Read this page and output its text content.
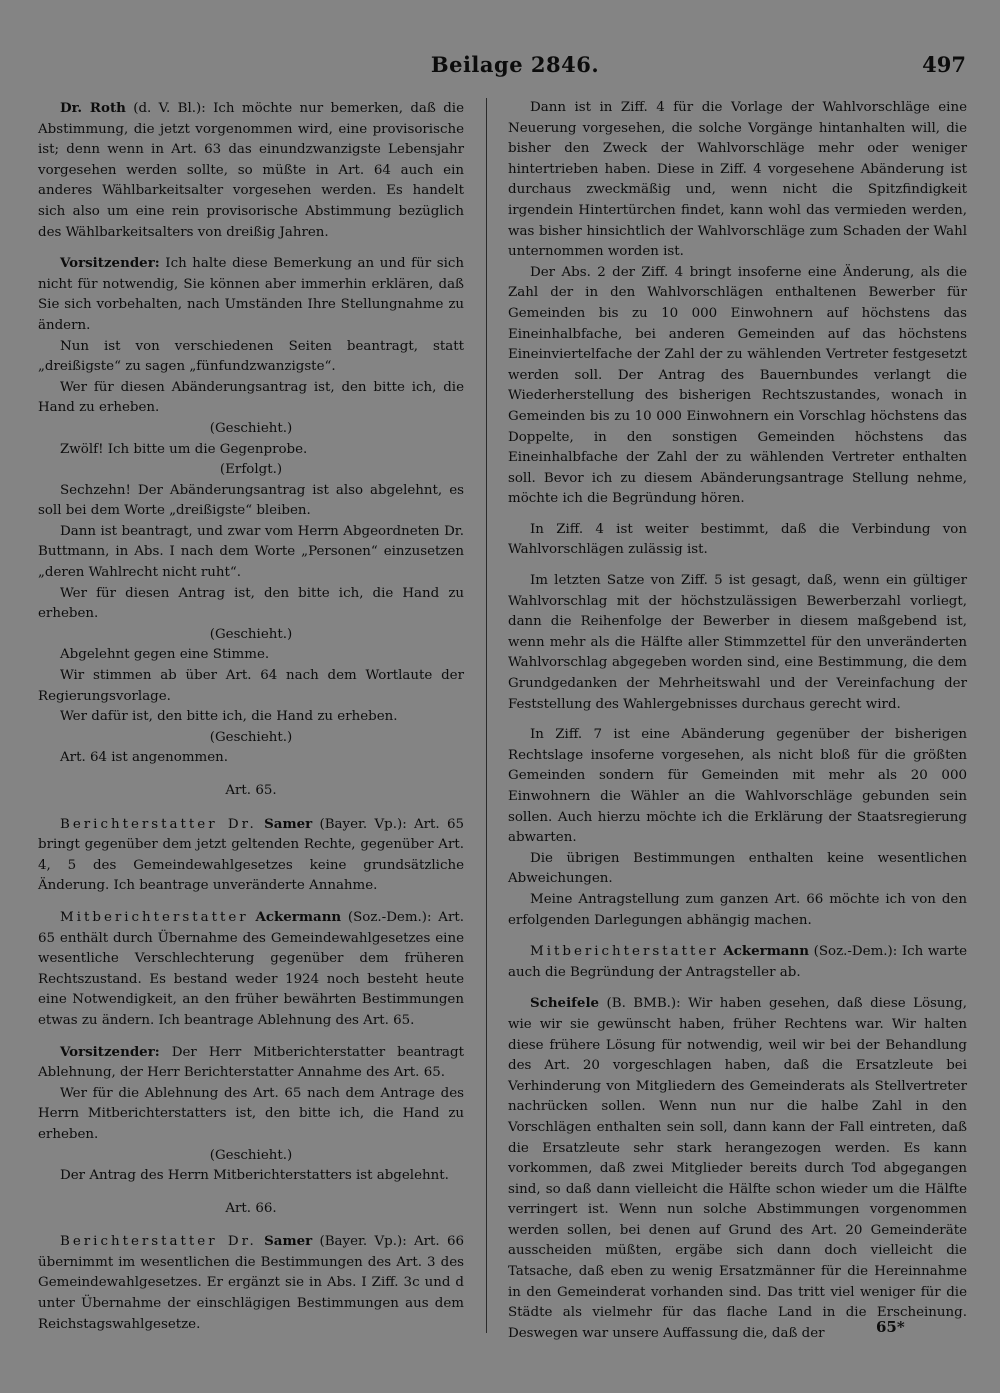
Beilage 2846.	497

Dr. Roth (d. V. Bl.): Ich möchte nur bemerken, daß die Abstimmung, die jetzt vorgenommen wird, eine provisorische ist; denn wenn in Art. 63 das einundzwanzigste Lebensjahr vorgesehen werden sollte, so müßte in Art. 64 auch ein anderes Wählbarkeitsalter vorgesehen werden. Es handelt sich also um eine rein provisorische Abstimmung bezüglich des Wählbarkeitsalters von dreißig Jahren.

Vorsitzender: Ich halte diese Bemerkung an und für sich nicht für notwendig, Sie können aber immerhin erklären, daß Sie sich vorbehalten, nach Umständen Ihre Stellungnahme zu ändern.

Nun ist von verschiedenen Seiten beantragt, statt „dreißigste“ zu sagen „fünfundzwanzigste“.

Wer für diesen Abänderungsantrag ist, den bitte ich, die Hand zu erheben.

(Geschieht.)

Zwölf! Ich bitte um die Gegenprobe.

(Erfolgt.)

Sechzehn! Der Abänderungsantrag ist also abgelehnt, es soll bei dem Worte „dreißigste“ bleiben.

Dann ist beantragt, und zwar vom Herrn Abgeordneten Dr. Buttmann, in Abs. I nach dem Worte „Personen“ einzusetzen „deren Wahlrecht nicht ruht“.

Wer für diesen Antrag ist, den bitte ich, die Hand zu erheben.

(Geschieht.)

Abgelehnt gegen eine Stimme.

Wir stimmen ab über Art. 64 nach dem Wortlaute der Regierungsvorlage.

Wer dafür ist, den bitte ich, die Hand zu erheben.

(Geschieht.)

Art. 64 ist angenommen.

Art. 65.

Berichterstatter Dr. Samer (Bayer. Vp.): Art. 65 bringt gegenüber dem jetzt geltenden Rechte, gegenüber Art. 4, 5 des Gemeindewahlgesetzes keine grundsätzliche Änderung. Ich beantrage unveränderte Annahme.

Mitberichterstatter Ackermann (Soz.-Dem.): Art. 65 enthält durch Übernahme des Gemeindewahlgesetzes eine wesentliche Verschlechterung gegenüber dem früheren Rechtszustand. Es bestand weder 1924 noch besteht heute eine Notwendigkeit, an den früher bewährten Bestimmungen etwas zu ändern. Ich beantrage Ablehnung des Art. 65.

Vorsitzender: Der Herr Mitberichterstatter beantragt Ablehnung, der Herr Berichterstatter Annahme des Art. 65.

Wer für die Ablehnung des Art. 65 nach dem Antrage des Herrn Mitberichterstatters ist, den bitte ich, die Hand zu erheben.

(Geschieht.)

Der Antrag des Herrn Mitberichterstatters ist abgelehnt.

Art. 66.

Berichterstatter Dr. Samer (Bayer. Vp.): Art. 66 übernimmt im wesentlichen die Bestimmungen des Art. 3 des Gemeindewahlgesetzes. Er ergänzt sie in Abs. I Ziff. 3c und d unter Übernahme der einschlägigen Bestimmungen aus dem Reichstagswahlgesetze.

Dann ist in Ziff. 4 für die Vorlage der Wahlvorschläge eine Neuerung vorgesehen, die solche Vorgänge hintanhalten will, die bisher den Zweck der Wahlvorschläge mehr oder weniger hintertrieben haben. Diese in Ziff. 4 vorgesehene Abänderung ist durchaus zweckmäßig und, wenn nicht die Spitzfindigkeit irgendein Hintertürchen findet, kann wohl das vermieden werden, was bisher hinsichtlich der Wahlvorschläge zum Schaden der Wahl unternommen worden ist.

Der Abs. 2 der Ziff. 4 bringt insoferne eine Änderung, als die Zahl der in den Wahlvorschlägen enthaltenen Bewerber für Gemeinden bis zu 10 000 Einwohnern auf höchstens das Eineinhalbfache, bei anderen Gemeinden auf das höchstens Eineinviertelfache der Zahl der zu wählenden Vertreter festgesetzt werden soll. Der Antrag des Bauernbundes verlangt die Wiederherstellung des bisherigen Rechtszustandes, wonach in Gemeinden bis zu 10 000 Einwohnern ein Vorschlag höchstens das Doppelte, in den sonstigen Gemeinden höchstens das Eineinhalbfache der Zahl der zu wählenden Vertreter enthalten soll. Bevor ich zu diesem Abänderungsantrage Stellung nehme, möchte ich die Begründung hören.

In Ziff. 4 ist weiter bestimmt, daß die Verbindung von Wahlvorschlägen zulässig ist.

Im letzten Satze von Ziff. 5 ist gesagt, daß, wenn ein gültiger Wahlvorschlag mit der höchstzulässigen Bewerberzahl vorliegt, dann die Reihenfolge der Bewerber in diesem maßgebend ist, wenn mehr als die Hälfte aller Stimmzettel für den unveränderten Wahlvorschlag abgegeben worden sind, eine Bestimmung, die dem Grundgedanken der Mehrheitswahl und der Vereinfachung der Feststellung des Wahlergebnisses durchaus gerecht wird.

In Ziff. 7 ist eine Abänderung gegenüber der bisherigen Rechtslage insoferne vorgesehen, als nicht bloß für die größten Gemeinden sondern für Gemeinden mit mehr als 20 000 Einwohnern die Wähler an die Wahlvorschläge gebunden sein sollen. Auch hierzu möchte ich die Erklärung der Staatsregierung abwarten.

Die übrigen Bestimmungen enthalten keine wesentlichen Abweichungen.

Meine Antragstellung zum ganzen Art. 66 möchte ich von den erfolgenden Darlegungen abhängig machen.

Mitberichterstatter Ackermann (Soz.-Dem.): Ich warte auch die Begründung der Antragsteller ab.

Scheifele (B. BMB.): Wir haben gesehen, daß diese Lösung, wie wir sie gewünscht haben, früher Rechtens war. Wir halten diese frühere Lösung für notwendig, weil wir bei der Behandlung des Art. 20 vorgeschlagen haben, daß die Ersatzleute bei Verhinderung von Mitgliedern des Gemeinderats als Stellvertreter nachrücken sollen. Wenn nun nur die halbe Zahl in den Vorschlägen enthalten sein soll, dann kann der Fall eintreten, daß die Ersatzleute sehr stark herangezogen werden. Es kann vorkommen, daß zwei Mitglieder bereits durch Tod abgegangen sind, so daß dann vielleicht die Hälfte schon wieder um die Hälfte verringert ist. Wenn nun solche Abstimmungen vorgenommen werden sollen, bei denen auf Grund des Art. 20 Gemeinderäte ausscheiden müßten, ergäbe sich dann doch vielleicht die Tatsache, daß eben zu wenig Ersatzmänner für die Hereinnahme in den Gemeinderat vorhanden sind. Das tritt viel weniger für die Städte als vielmehr für das flache Land in die Erscheinung. Deswegen war unsere Auffassung die, daß der	65*
